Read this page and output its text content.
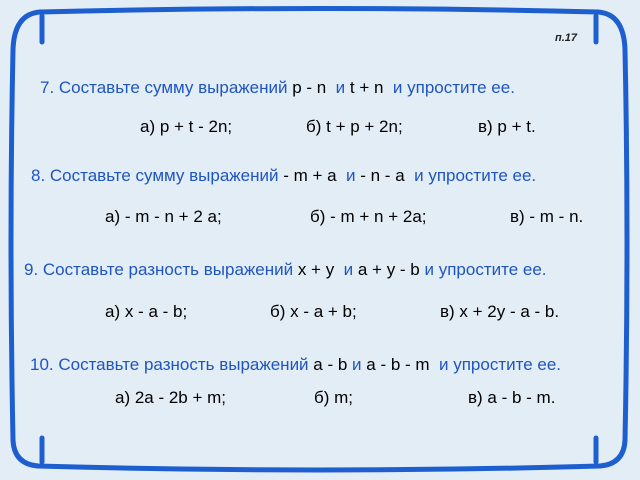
п.17
7. Составьте сумму выражений p - n  и t + n  и упростите ее.
а) p + t - 2n;	б) t + p + 2n;	в) p + t.
8. Составьте сумму выражений - m + a  и - n - a  и упростите ее.
а) - m - n + 2 a;	б) - m + n + 2a;	в) - m - n.
9. Составьте разность выражений x + y  и a + y - b и упростите ее.
а) x - a - b;	б) x - a + b;	в) x + 2y - a - b.
10. Составьте разность выражений a - b и a - b - m  и упростите ее.
а) 2a - 2b + m;	б) m;	в) a - b - m.
